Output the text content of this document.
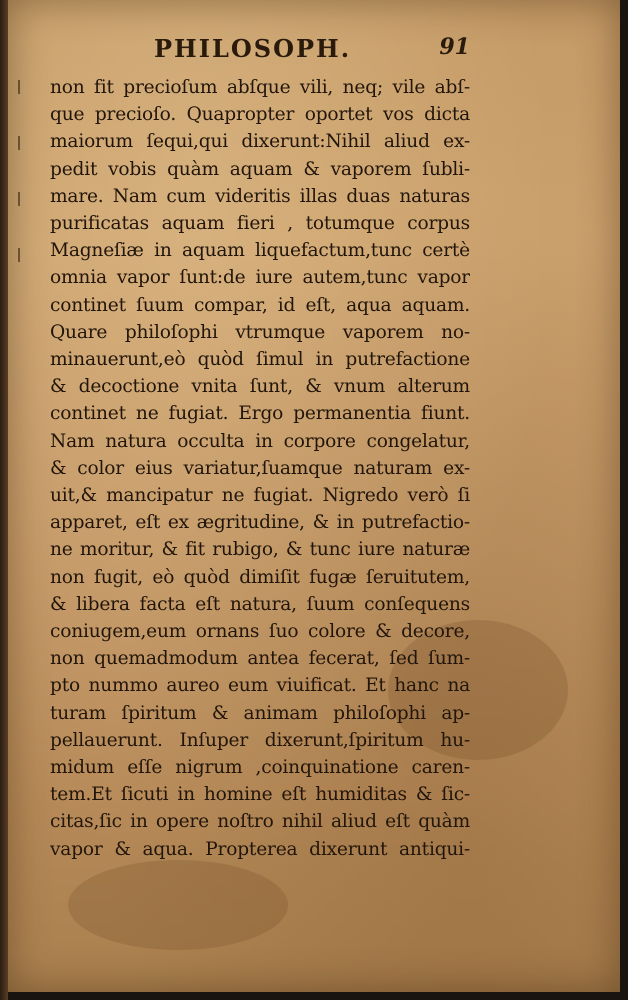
PHILOSOPH.	91
non fit precioſum abſque vili, neq; vile abſ-
que precioſo. Quapropter oportet vos dicta
maiorum ſequi,qui dixerunt:Nihil aliud ex-
pedit vobis quàm aquam & vaporem ſubli-
mare. Nam cum videritis illas duas naturas
purificatas aquam fieri , totumque corpus
Magneſiæ in aquam liquefactum,tunc certè
omnia vapor ſunt:de iure autem,tunc vapor
continet ſuum compar, id eſt, aqua aquam.
Quare philoſophi vtrumque vaporem no-
minauerunt,eò quòd ſimul in putrefactione
& decoctione vnita ſunt, & vnum alterum
continet ne fugiat. Ergo permanentia fiunt.
Nam natura occulta in corpore congelatur,
& color eius variatur,ſuamque naturam ex-
uit,& mancipatur ne fugiat. Nigredo verò ſi
apparet, eſt ex ægritudine, & in putrefactio-
ne moritur, & fit rubigo, & tunc iure naturæ
non fugit, eò quòd dimiſit fugæ ſeruitutem,
& libera facta eſt natura, ſuum conſequens
coniugem,eum ornans ſuo colore & decore,
non quemadmodum antea fecerat, ſed ſum-
pto nummo aureo eum viuificat. Et hanc na
turam ſpiritum & animam philoſophi ap-
pellauerunt. Inſuper dixerunt,ſpiritum hu-
midum eſſe nigrum ,coinquinatione caren-
tem.Et ſicuti in homine eſt humiditas & ſic-
citas,ſic in opere noſtro nihil aliud eſt quàm
vapor & aqua. Propterea dixerunt antiqui-
